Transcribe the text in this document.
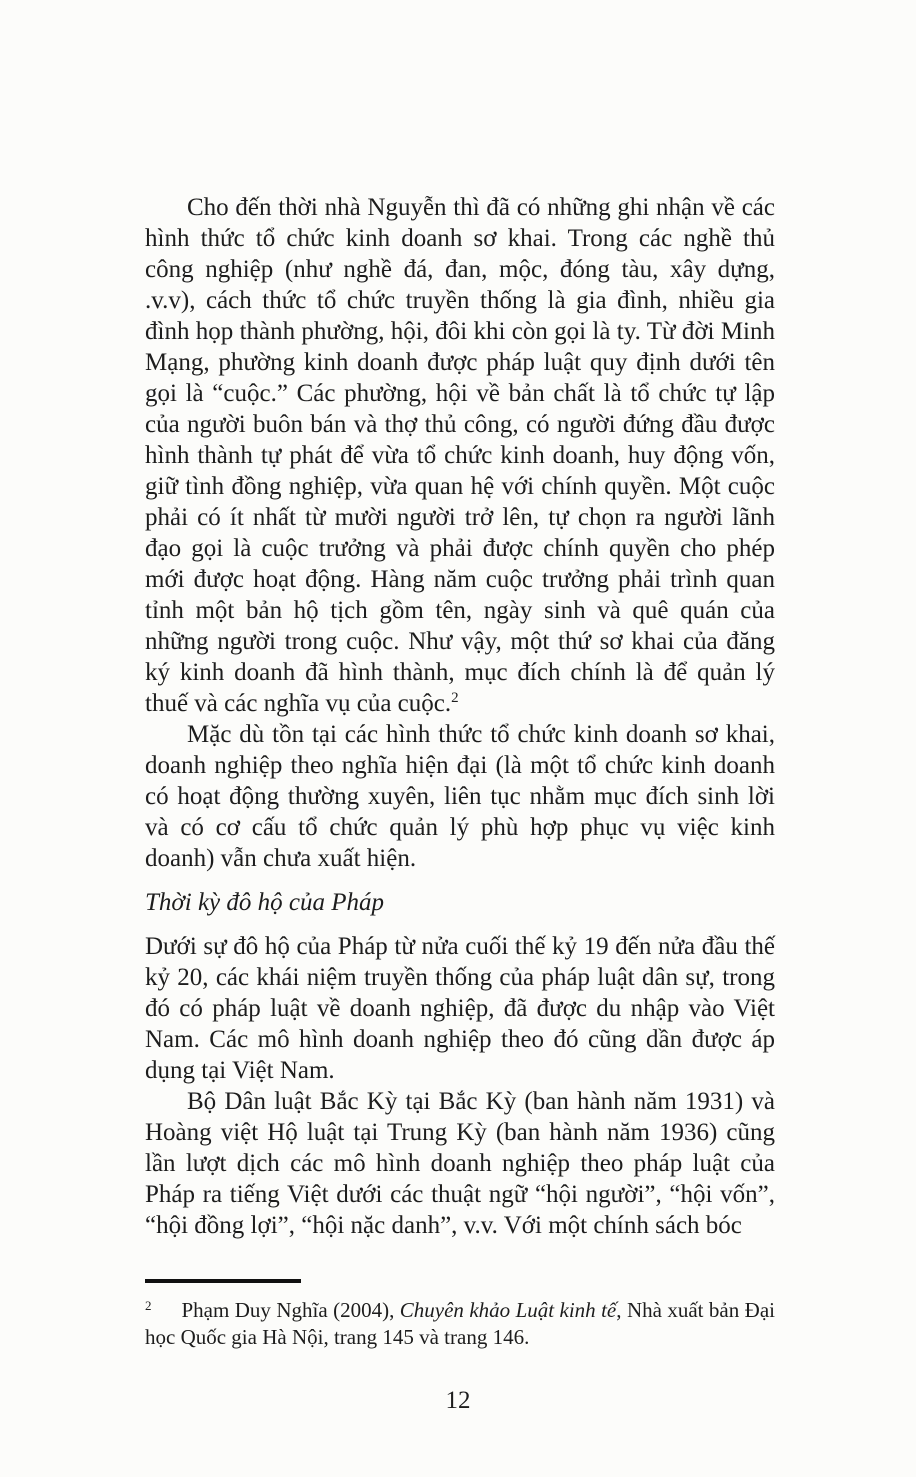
Cho đến thời nhà Nguyễn thì đã có những ghi nhận về các hình thức tổ chức kinh doanh sơ khai. Trong các nghề thủ công nghiệp (như nghề đá, đan, mộc, đóng tàu, xây dựng, .v.v), cách thức tổ chức truyền thống là gia đình, nhiều gia đình họp thành phường, hội, đôi khi còn gọi là ty. Từ đời Minh Mạng, phường kinh doanh được pháp luật quy định dưới tên gọi là “cuộc.” Các phường, hội về bản chất là tổ chức tự lập của người buôn bán và thợ thủ công, có người đứng đầu được hình thành tự phát để vừa tổ chức kinh doanh, huy động vốn, giữ tình đồng nghiệp, vừa quan hệ với chính quyền. Một cuộc phải có ít nhất từ mười người trở lên, tự chọn ra người lãnh đạo gọi là cuộc trưởng và phải được chính quyền cho phép mới được hoạt động. Hàng năm cuộc trưởng phải trình quan tỉnh một bản hộ tịch gồm tên, ngày sinh và quê quán của những người trong cuộc. Như vậy, một thứ sơ khai của đăng ký kinh doanh đã hình thành, mục đích chính là để quản lý thuế và các nghĩa vụ của cuộc.$^2$

Mặc dù tồn tại các hình thức tổ chức kinh doanh sơ khai, doanh nghiệp theo nghĩa hiện đại (là một tổ chức kinh doanh có hoạt động thường xuyên, liên tục nhằm mục đích sinh lời và có cơ cấu tổ chức quản lý phù hợp phục vụ việc kinh doanh) vẫn chưa xuất hiện.

Thời kỳ đô hộ của Pháp

Dưới sự đô hộ của Pháp từ nửa cuối thế kỷ 19 đến nửa đầu thế kỷ 20, các khái niệm truyền thống của pháp luật dân sự, trong đó có pháp luật về doanh nghiệp, đã được du nhập vào Việt Nam. Các mô hình doanh nghiệp theo đó cũng dần được áp dụng tại Việt Nam.

Bộ Dân luật Bắc Kỳ tại Bắc Kỳ (ban hành năm 1931) và Hoàng việt Hộ luật tại Trung Kỳ (ban hành năm 1936) cũng lần lượt dịch các mô hình doanh nghiệp theo pháp luật của Pháp ra tiếng Việt dưới các thuật ngữ “hội người”, “hội vốn”, “hội đồng lợi”, “hội nặc danh”, v.v. Với một chính sách bóc

$^2$ Phạm Duy Nghĩa (2004), Chuyên khảo Luật kinh tế, Nhà xuất bản Đại học Quốc gia Hà Nội, trang 145 và trang 146.

12
